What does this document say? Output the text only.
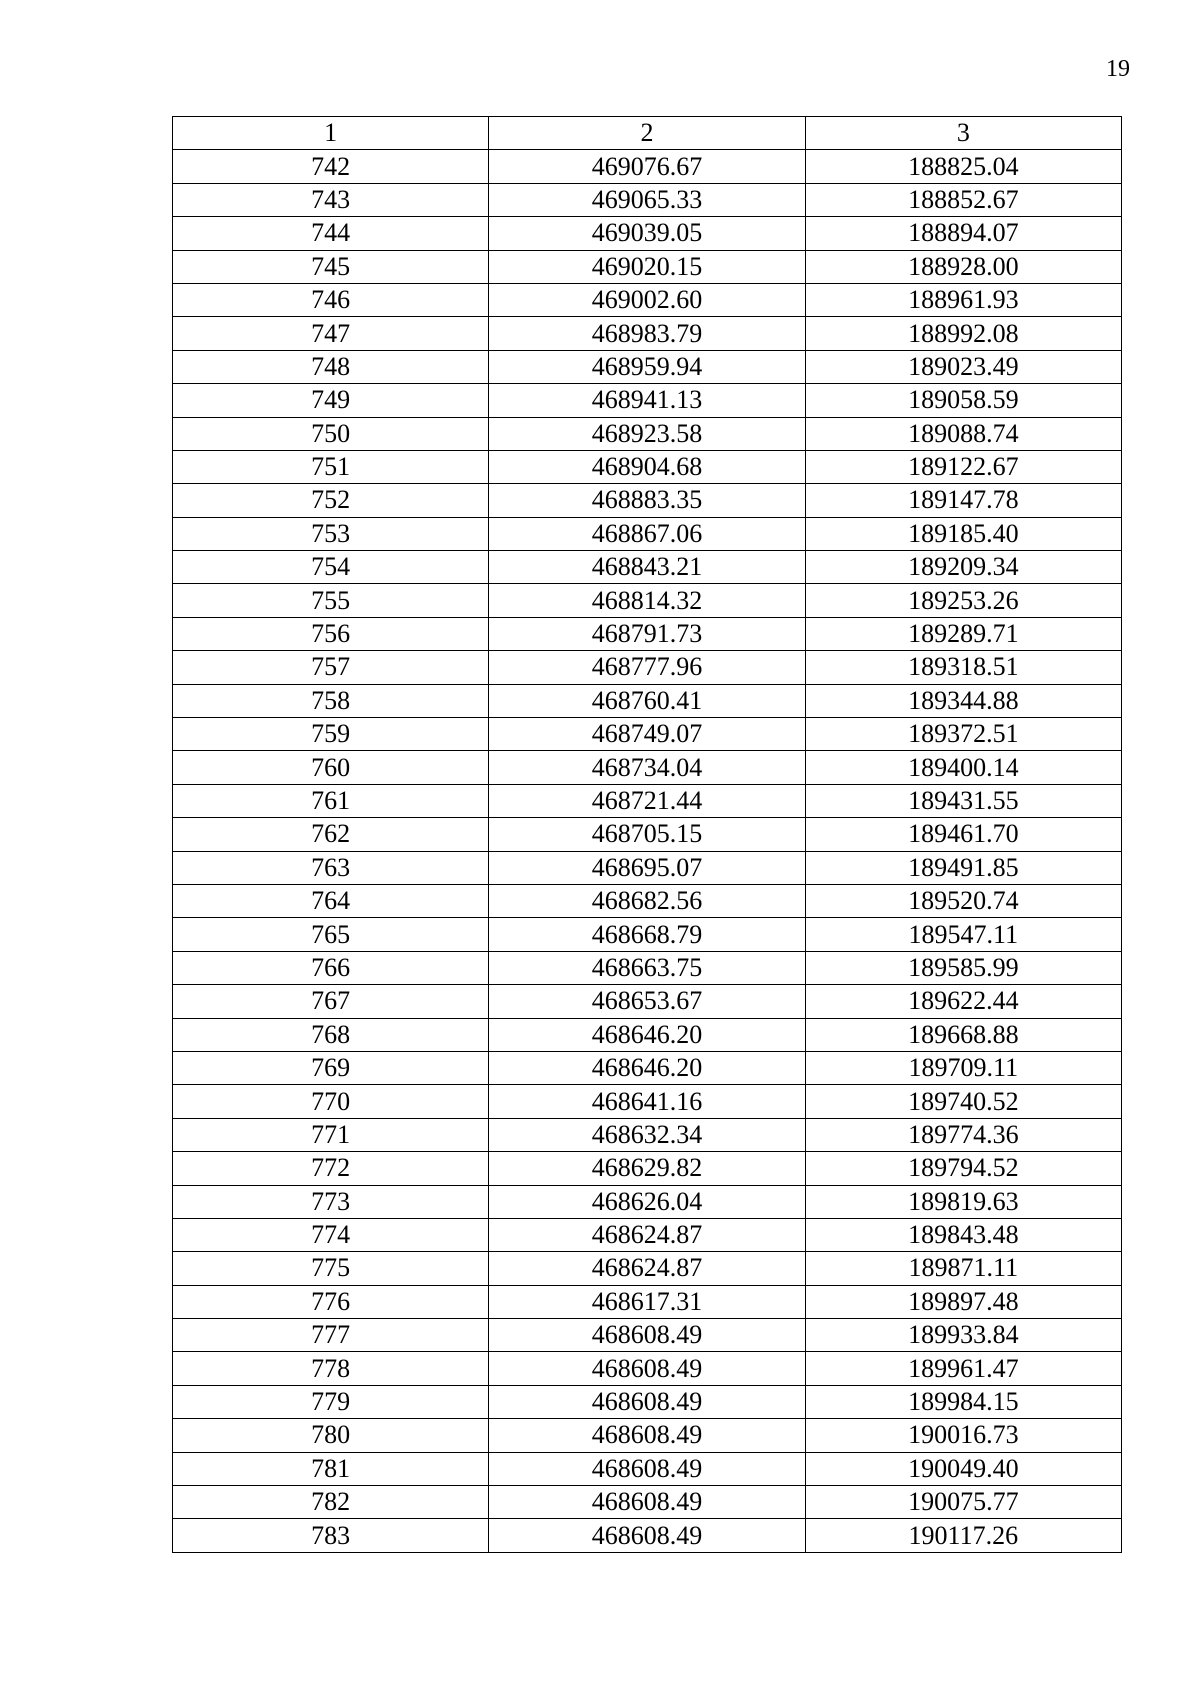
19
1	2	3
742	469076.67	188825.04
743	469065.33	188852.67
744	469039.05	188894.07
745	469020.15	188928.00
746	469002.60	188961.93
747	468983.79	188992.08
748	468959.94	189023.49
749	468941.13	189058.59
750	468923.58	189088.74
751	468904.68	189122.67
752	468883.35	189147.78
753	468867.06	189185.40
754	468843.21	189209.34
755	468814.32	189253.26
756	468791.73	189289.71
757	468777.96	189318.51
758	468760.41	189344.88
759	468749.07	189372.51
760	468734.04	189400.14
761	468721.44	189431.55
762	468705.15	189461.70
763	468695.07	189491.85
764	468682.56	189520.74
765	468668.79	189547.11
766	468663.75	189585.99
767	468653.67	189622.44
768	468646.20	189668.88
769	468646.20	189709.11
770	468641.16	189740.52
771	468632.34	189774.36
772	468629.82	189794.52
773	468626.04	189819.63
774	468624.87	189843.48
775	468624.87	189871.11
776	468617.31	189897.48
777	468608.49	189933.84
778	468608.49	189961.47
779	468608.49	189984.15
780	468608.49	190016.73
781	468608.49	190049.40
782	468608.49	190075.77
783	468608.49	190117.26
